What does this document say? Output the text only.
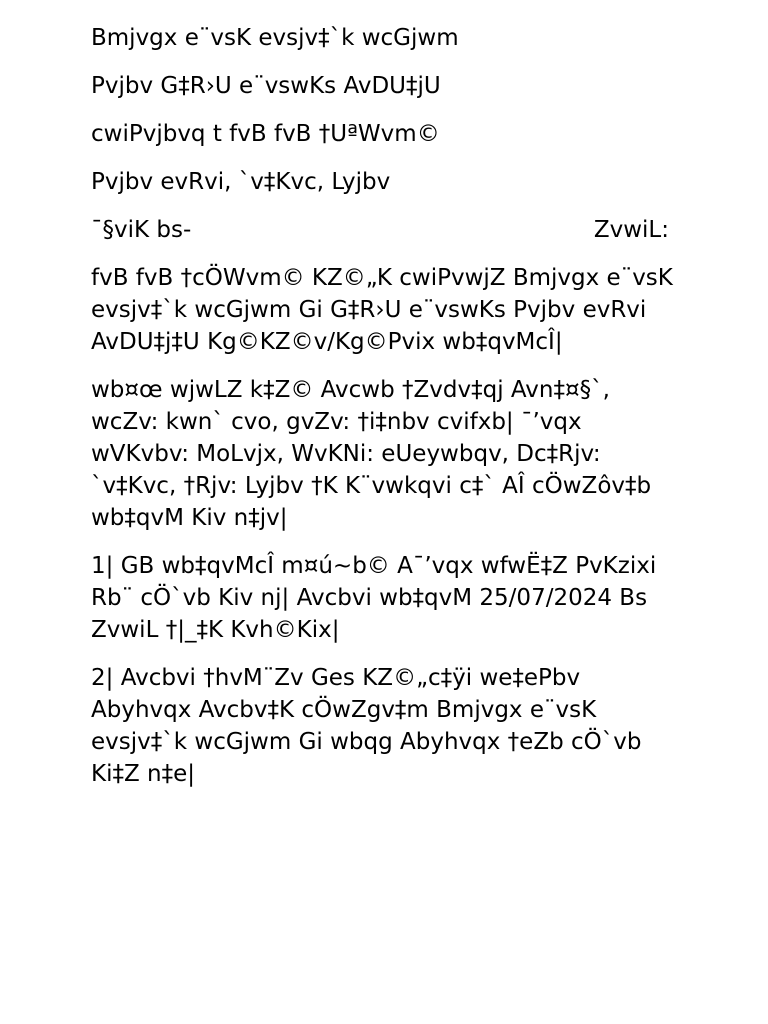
Bmjvgx e¨vsK evsjv‡`k wcGjwm

Pvjbv G‡R›U e¨vswKs AvDU‡jU

cwiPvjbvq t fvB fvB †UªWvm©

Pvjbv evRvi, `v‡Kvc, Lyjbv

¯§viK bs-	ZvwiL:

fvB fvB †cÖWvm© KZ©„K cwiPvwjZ Bmjvgx e¨vsK evsjv‡`k wcGjwm Gi G‡R›U e¨vswKs Pvjbv evRvi AvDU‡j‡U Kg©KZ©v/Kg©Pvix wb‡qvMcÎ|

wb¤œ wjwLZ k‡Z© Avcwb †Zvdv‡qj Avn‡¤§`, wcZv: kwn` cvo, gvZv: †i‡nbv cvifxb| ¯’vqx wVKvbv: MoLvjx, WvKNi: eUeywbqv, Dc‡Rjv: `v‡Kvc, †Rjv: Lyjbv †K K¨vwkqvi c‡` AÎ cÖwZôv‡b wb‡qvM Kiv n‡jv|

1| GB wb‡qvMcÎ m¤ú~b© A¯’vqx wfwË‡Z PvKzixi Rb¨ cÖ`vb Kiv nj| Avcbvi wb‡qvM 25/07/2024 Bs ZvwiL †|_‡K Kvh©Kix|

2| Avcbvi †hvM¨Zv Ges KZ©„c‡ÿi we‡ePbv Abyhvqx Avcbv‡K cÖwZgv‡m Bmjvgx e¨vsK evsjv‡`k wcGjwm Gi wbqg Abyhvqx †eZb cÖ`vb Ki‡Z n‡e|
